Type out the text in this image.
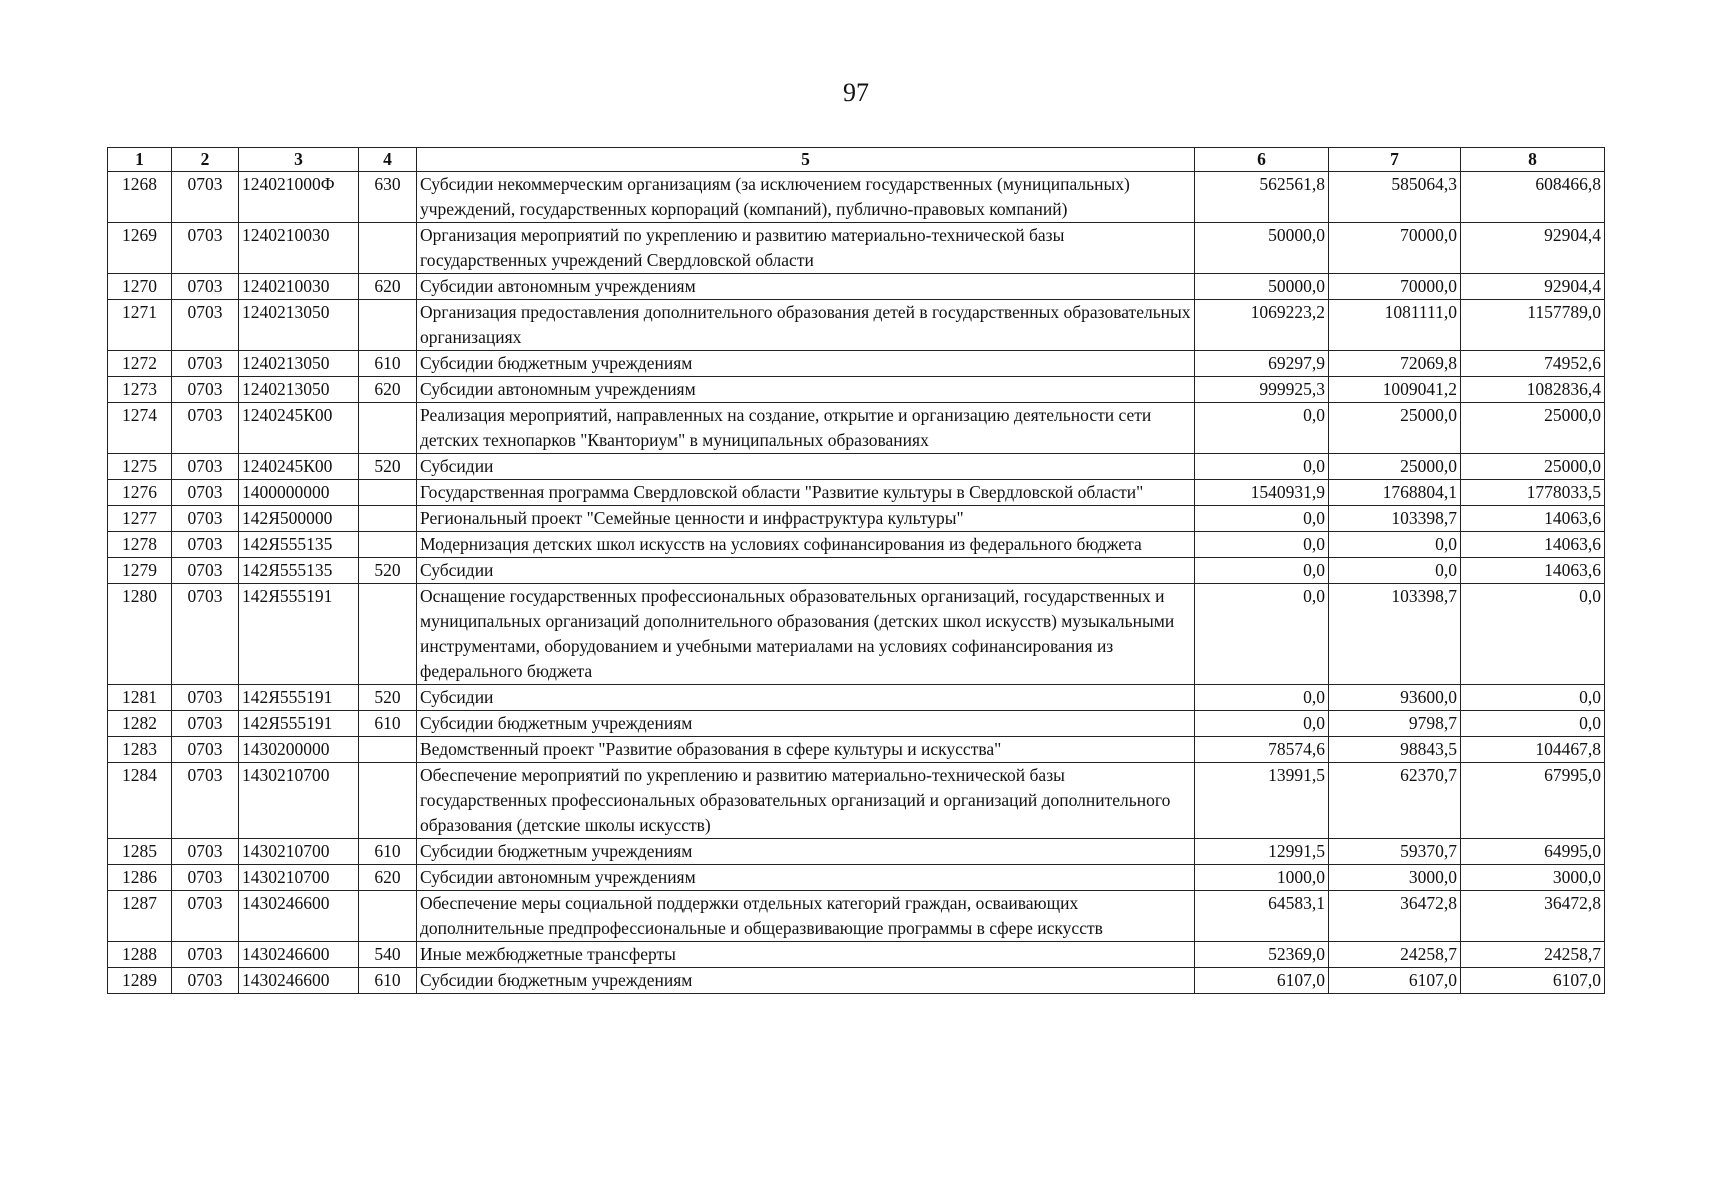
97
1	2	3	4	5	6	7	8
1268	0703	124021000Ф	630	Субсидии некоммерческим организациям (за исключением государственных (муниципальных) учреждений, государственных корпораций (компаний), публично-правовых компаний)	562561,8	585064,3	608466,8
1269	0703	1240210030		Организация мероприятий по укреплению и развитию материально-технической базы государственных учреждений Свердловской области	50000,0	70000,0	92904,4
1270	0703	1240210030	620	Субсидии автономным учреждениям	50000,0	70000,0	92904,4
1271	0703	1240213050		Организация предоставления дополнительного образования детей в государственных образовательных организациях	1069223,2	1081111,0	1157789,0
1272	0703	1240213050	610	Субсидии бюджетным учреждениям	69297,9	72069,8	74952,6
1273	0703	1240213050	620	Субсидии автономным учреждениям	999925,3	1009041,2	1082836,4
1274	0703	1240245К00		Реализация мероприятий, направленных на создание, открытие и организацию деятельности сети детских технопарков "Кванториум" в муниципальных образованиях	0,0	25000,0	25000,0
1275	0703	1240245К00	520	Субсидии	0,0	25000,0	25000,0
1276	0703	1400000000		Государственная программа Свердловской области "Развитие культуры в Свердловской области"	1540931,9	1768804,1	1778033,5
1277	0703	142Я500000		Региональный проект "Семейные ценности и инфраструктура культуры"	0,0	103398,7	14063,6
1278	0703	142Я555135		Модернизация детских школ искусств на условиях софинансирования из федерального бюджета	0,0	0,0	14063,6
1279	0703	142Я555135	520	Субсидии	0,0	0,0	14063,6
1280	0703	142Я555191		Оснащение государственных профессиональных образовательных организаций, государственных и муниципальных организаций дополнительного образования (детских школ искусств) музыкальными инструментами, оборудованием и учебными материалами на условиях софинансирования из федерального бюджета	0,0	103398,7	0,0
1281	0703	142Я555191	520	Субсидии	0,0	93600,0	0,0
1282	0703	142Я555191	610	Субсидии бюджетным учреждениям	0,0	9798,7	0,0
1283	0703	1430200000		Ведомственный проект "Развитие образования в сфере культуры и искусства"	78574,6	98843,5	104467,8
1284	0703	1430210700		Обеспечение мероприятий по укреплению и развитию материально-технической базы государственных профессиональных образовательных организаций и организаций дополнительного образования (детские школы искусств)	13991,5	62370,7	67995,0
1285	0703	1430210700	610	Субсидии бюджетным учреждениям	12991,5	59370,7	64995,0
1286	0703	1430210700	620	Субсидии автономным учреждениям	1000,0	3000,0	3000,0
1287	0703	1430246600		Обеспечение меры социальной поддержки отдельных категорий граждан, осваивающих дополнительные предпрофессиональные и общеразвивающие программы в сфере искусств	64583,1	36472,8	36472,8
1288	0703	1430246600	540	Иные межбюджетные трансферты	52369,0	24258,7	24258,7
1289	0703	1430246600	610	Субсидии бюджетным учреждениям	6107,0	6107,0	6107,0
